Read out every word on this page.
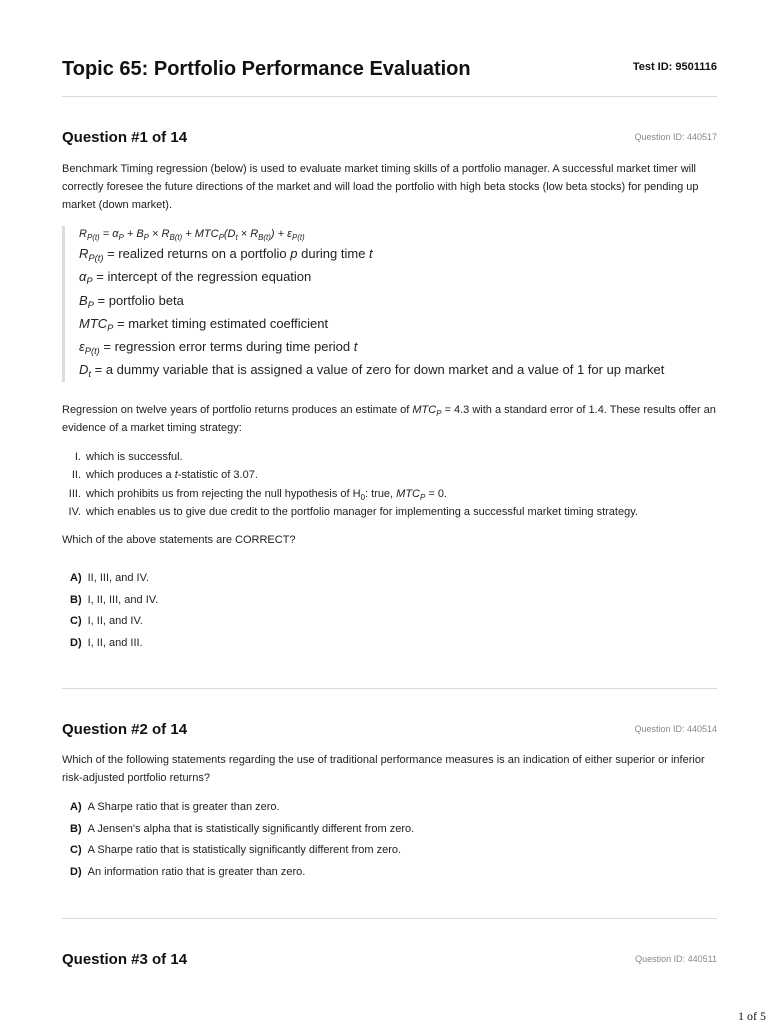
Topic 65: Portfolio Performance Evaluation	Test ID: 9501116
Question #1 of 14	Question ID: 440517

Benchmark Timing regression (below) is used to evaluate market timing skills of a portfolio manager. A successful market timer will correctly foresee the future directions of the market and will load the portfolio with high beta stocks (low beta stocks) for pending up market (down market).

$R_{P(t)} = \alpha_P + B_P \times R_{B(t)} + MTC_P(D_t \times R_{B(t)}) + \varepsilon_{P(t)}$
$R_{P(t)}$ = realized returns on a portfolio p during time t
$\alpha_P$ = intercept of the regression equation
$B_P$ = portfolio beta
$MTC_P$ = market timing estimated coefficient
$\varepsilon_{P(t)}$ = regression error terms during time period t
$D_t = a$ dummy variable that is assigned a value of zero for down market and a value of 1 for up market

Regression on twelve years of portfolio returns produces an estimate of $MTC_P = 4.3$ with a standard error of 1.4. These results offer an evidence of a market timing strategy:

I. which is successful.
II. which produces a t-statistic of 3.07.
III. which prohibits us from rejecting the null hypothesis of $H_0$: true, $MTC_P = 0$.
IV. which enables us to give due credit to the portfolio manager for implementing a successful market timing strategy.

Which of the above statements are CORRECT?

A) II, III, and IV.
B) I, II, III, and IV.
C) I, II, and IV.
D) I, II, and III.
Question #2 of 14	Question ID: 440514

Which of the following statements regarding the use of traditional performance measures is an indication of either superior or inferior risk-adjusted portfolio returns?

A) A Sharpe ratio that is greater than zero.
B) A Jensen's alpha that is statistically significantly different from zero.
C) A Sharpe ratio that is statistically significantly different from zero.
D) An information ratio that is greater than zero.
Question #3 of 14	Question ID: 440511
1 of 5
